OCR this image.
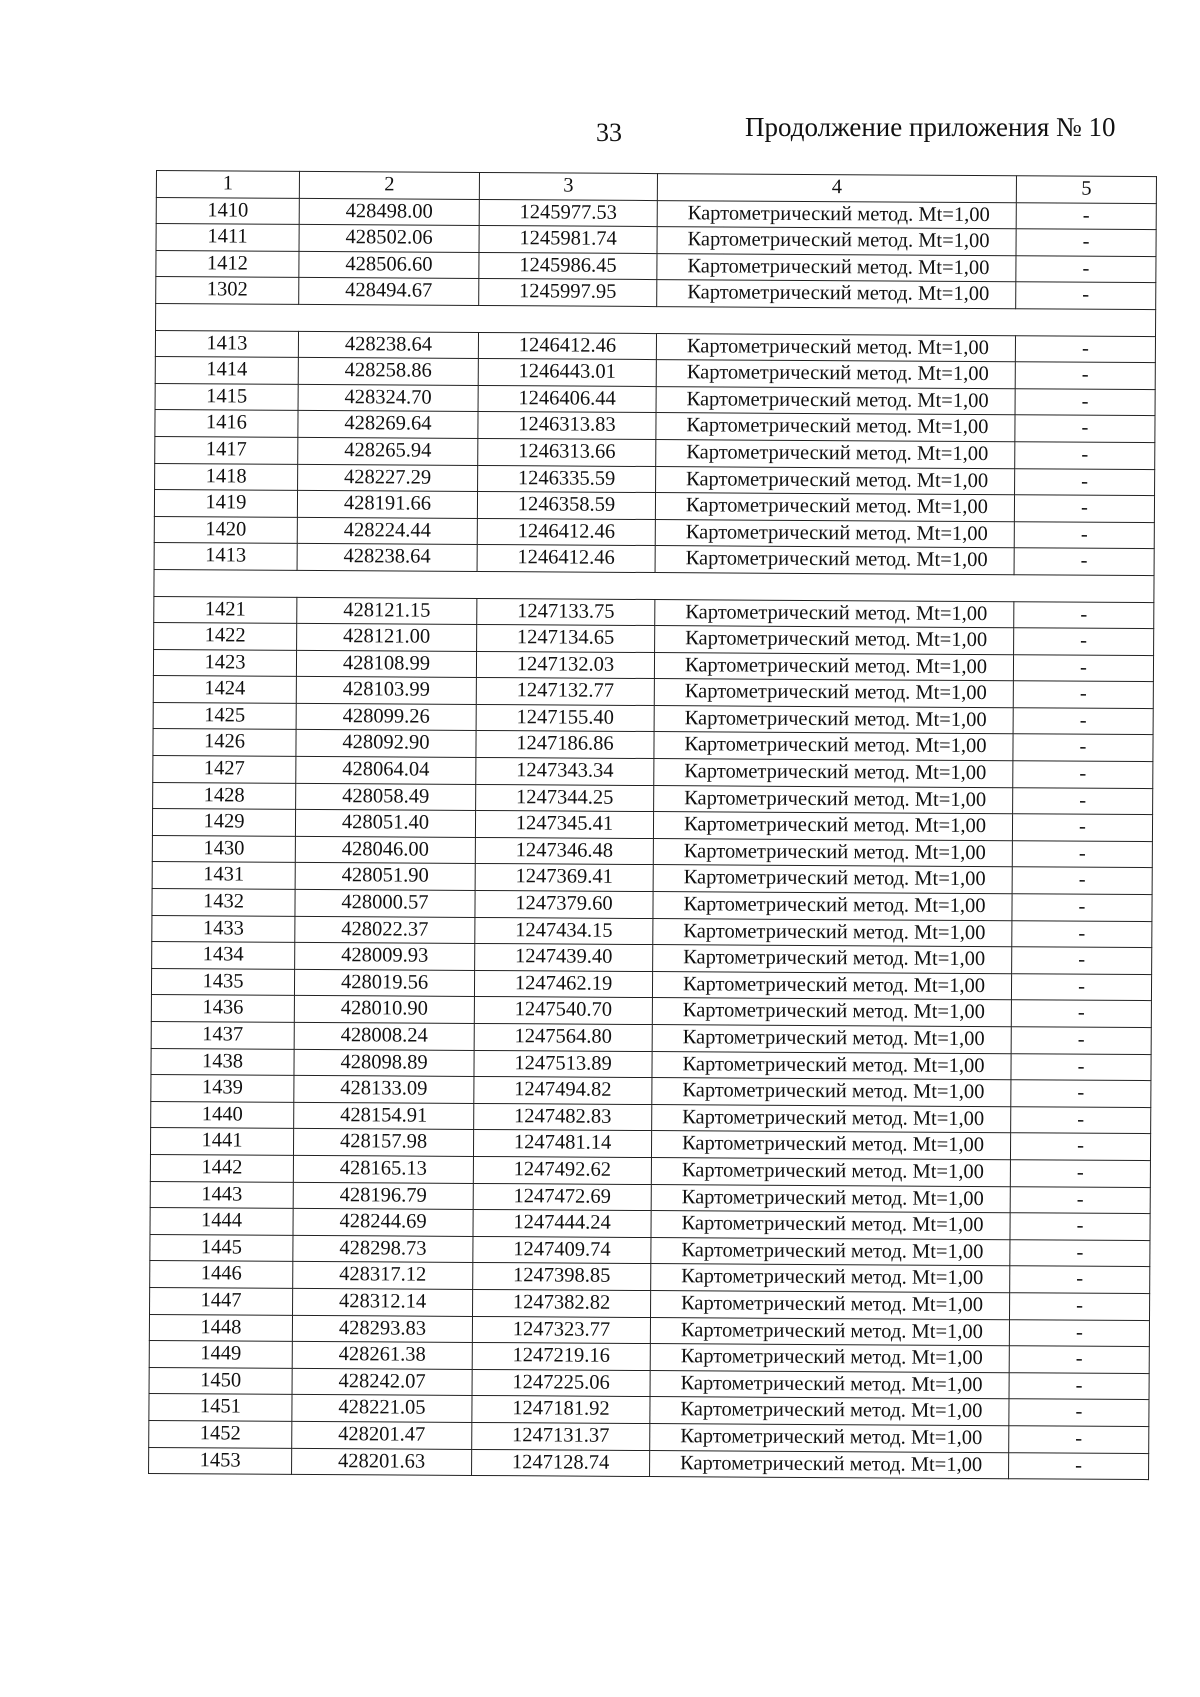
33	Продолжение приложения № 10
1	2	3	4	5
1410	428498.00	1245977.53	Картометрический метод. Mt=1,00	-
1411	428502.06	1245981.74	Картометрический метод. Mt=1,00	-
1412	428506.60	1245986.45	Картометрический метод. Mt=1,00	-
1302	428494.67	1245997.95	Картометрический метод. Mt=1,00	-

1413	428238.64	1246412.46	Картометрический метод. Mt=1,00	-
1414	428258.86	1246443.01	Картометрический метод. Mt=1,00	-
1415	428324.70	1246406.44	Картометрический метод. Mt=1,00	-
1416	428269.64	1246313.83	Картометрический метод. Mt=1,00	-
1417	428265.94	1246313.66	Картометрический метод. Mt=1,00	-
1418	428227.29	1246335.59	Картометрический метод. Mt=1,00	-
1419	428191.66	1246358.59	Картометрический метод. Mt=1,00	-
1420	428224.44	1246412.46	Картометрический метод. Mt=1,00	-
1413	428238.64	1246412.46	Картометрический метод. Mt=1,00	-

1421	428121.15	1247133.75	Картометрический метод. Mt=1,00	-
1422	428121.00	1247134.65	Картометрический метод. Mt=1,00	-
1423	428108.99	1247132.03	Картометрический метод. Mt=1,00	-
1424	428103.99	1247132.77	Картометрический метод. Mt=1,00	-
1425	428099.26	1247155.40	Картометрический метод. Mt=1,00	-
1426	428092.90	1247186.86	Картометрический метод. Mt=1,00	-
1427	428064.04	1247343.34	Картометрический метод. Mt=1,00	-
1428	428058.49	1247344.25	Картометрический метод. Mt=1,00	-
1429	428051.40	1247345.41	Картометрический метод. Mt=1,00	-
1430	428046.00	1247346.48	Картометрический метод. Mt=1,00	-
1431	428051.90	1247369.41	Картометрический метод. Mt=1,00	-
1432	428000.57	1247379.60	Картометрический метод. Mt=1,00	-
1433	428022.37	1247434.15	Картометрический метод. Mt=1,00	-
1434	428009.93	1247439.40	Картометрический метод. Mt=1,00	-
1435	428019.56	1247462.19	Картометрический метод. Mt=1,00	-
1436	428010.90	1247540.70	Картометрический метод. Mt=1,00	-
1437	428008.24	1247564.80	Картометрический метод. Mt=1,00	-
1438	428098.89	1247513.89	Картометрический метод. Mt=1,00	-
1439	428133.09	1247494.82	Картометрический метод. Mt=1,00	-
1440	428154.91	1247482.83	Картометрический метод. Mt=1,00	-
1441	428157.98	1247481.14	Картометрический метод. Mt=1,00	-
1442	428165.13	1247492.62	Картометрический метод. Mt=1,00	-
1443	428196.79	1247472.69	Картометрический метод. Mt=1,00	-
1444	428244.69	1247444.24	Картометрический метод. Mt=1,00	-
1445	428298.73	1247409.74	Картометрический метод. Mt=1,00	-
1446	428317.12	1247398.85	Картометрический метод. Mt=1,00	-
1447	428312.14	1247382.82	Картометрический метод. Mt=1,00	-
1448	428293.83	1247323.77	Картометрический метод. Mt=1,00	-
1449	428261.38	1247219.16	Картометрический метод. Mt=1,00	-
1450	428242.07	1247225.06	Картометрический метод. Mt=1,00	-
1451	428221.05	1247181.92	Картометрический метод. Mt=1,00	-
1452	428201.47	1247131.37	Картометрический метод. Mt=1,00	-
1453	428201.63	1247128.74	Картометрический метод. Mt=1,00	-
